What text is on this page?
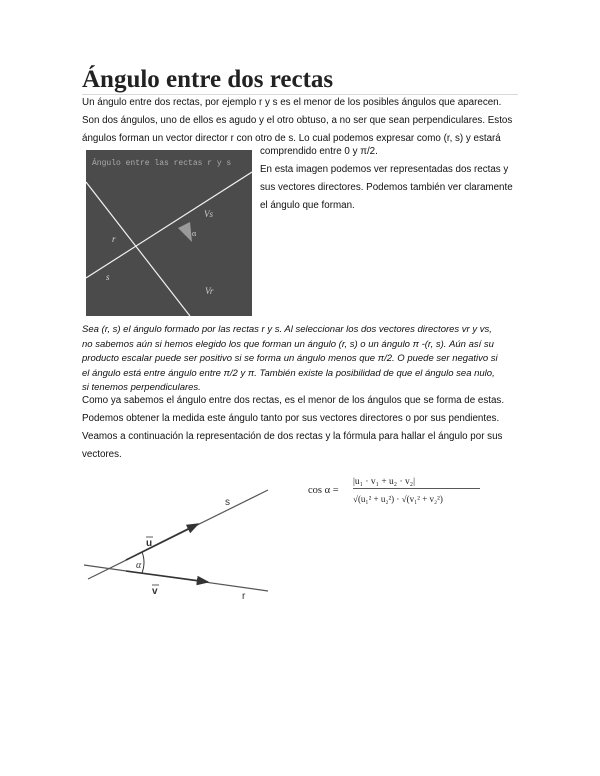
Ángulo entre dos rectas

Un ángulo entre dos rectas, por ejemplo r y s es el menor de los posibles ángulos que aparecen.

Son dos ángulos, uno de ellos es agudo y el otro obtuso, a no ser que sean perpendiculares. Estos

ángulos forman un vector director r con otro de s. Lo cual podemos expresar como (r, s) y estará

comprendido entre 0 y π/2.

Ángulo entre las rectas r y s
Vs
Vr
r
s
α

En esta imagen podemos ver representadas dos rectas y

sus vectores directores. Podemos también ver claramente

el ángulo que forman.

Sea (r, s) el ángulo formado por las rectas r y s. Al seleccionar los dos vectores directores vr y vs,

no sabemos aún si hemos elegido los que forman un ángulo (r, s) o un ángulo π -(r, s). Aún así su

producto escalar puede ser positivo si se forma un ángulo menos que π/2. O puede ser negativo si

el ángulo está entre ángulo entre π/2 y π. También existe la posibilidad de que el ángulo sea nulo,

si tenemos perpendiculares.

Como ya sabemos el ángulo entre dos rectas, es el menor de los ángulos que se forma de estas.

Podemos obtener la medida este ángulo tanto por sus vectores directores o por sus pendientes.

Veamos a continuación la representación de dos rectas y la fórmula para hallar el ángulo por sus

vectores.

s
r
u
v
α
cos α =
|u₁ · v₁ + u₂ · v₂|
√(u₁² + u₂²) · √(v₁² + v₂²)
